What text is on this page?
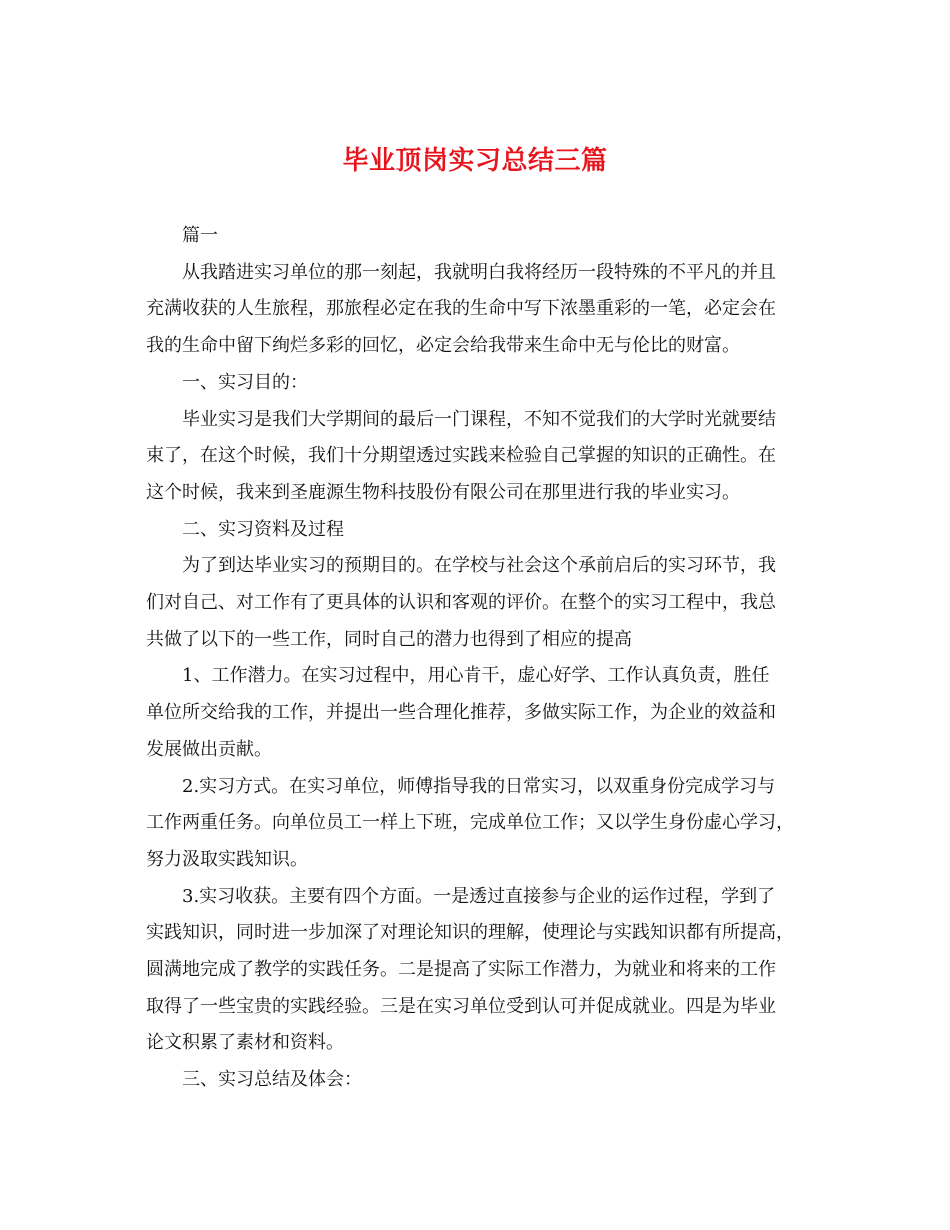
毕业顶岗实习总结三篇

篇一

从我踏进实习单位的那一刻起，我就明白我将经历一段特殊的不平凡的并且
充满收获的人生旅程，那旅程必定在我的生命中写下浓墨重彩的一笔，必定会在
我的生命中留下绚烂多彩的回忆，必定会给我带来生命中无与伦比的财富。

一、实习目的：

毕业实习是我们大学期间的最后一门课程，不知不觉我们的大学时光就要结
束了，在这个时候，我们十分期望透过实践来检验自己掌握的知识的正确性。在
这个时候，我来到圣鹿源生物科技股份有限公司在那里进行我的毕业实习。

二、实习资料及过程

为了到达毕业实习的预期目的。在学校与社会这个承前启后的实习环节，我
们对自己、对工作有了更具体的认识和客观的评价。在整个的实习工程中，我总
共做了以下的一些工作，同时自己的潜力也得到了相应的提高

1、工作潜力。在实习过程中，用心肯干，虚心好学、工作认真负责，胜任
单位所交给我的工作，并提出一些合理化推荐，多做实际工作，为企业的效益和
发展做出贡献。

2.实习方式。在实习单位，师傅指导我的日常实习，以双重身份完成学习与
工作两重任务。向单位员工一样上下班，完成单位工作；又以学生身份虚心学习，
努力汲取实践知识。

3.实习收获。主要有四个方面。一是透过直接参与企业的运作过程，学到了
实践知识，同时进一步加深了对理论知识的理解，使理论与实践知识都有所提高，
圆满地完成了教学的实践任务。二是提高了实际工作潜力，为就业和将来的工作
取得了一些宝贵的实践经验。三是在实习单位受到认可并促成就业。四是为毕业
论文积累了素材和资料。

三、实习总结及体会：
